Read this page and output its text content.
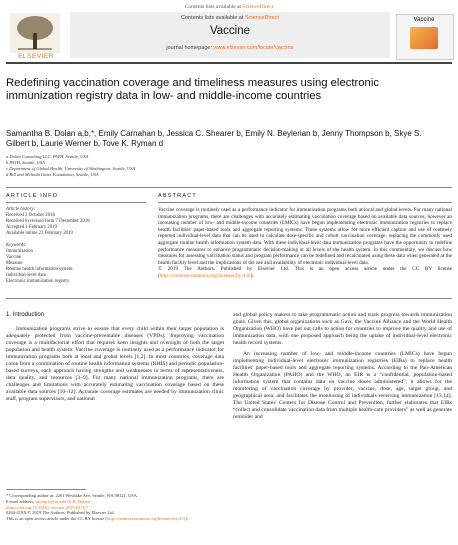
Contents lists available at ScienceDirect
ELSEVIER
Contents lists available at ScienceDirect
Vaccine
journal homepage: www.elsevier.com/locate/vaccine
Vaccine
Redefining vaccination coverage and timeliness measures using electronic immunization registry data in low- and middle-income countries
Samantha B. Dolan a,b,*, Emily Carnahan b, Jessica C. Shearer b, Emily N. Beylerian b, Jenny Thompson b, Skye S. Gilbert b, Laurie Werner b, Tove K. Ryman d
a Dolan Consulting LLC, PATH, Seattle, USA
b PATH, Seattle, USA
c Department of Global Health, University of Washington, Seattle, USA
d Bill and Melinda Gates Foundation, Seattle, USA
ARTICLE INFO	ABSTRACT
Article history:
Received 3 October 2018
Received in revised form 7 December 2018
Accepted 1 February 2019
Available online 23 February 2019
Keywords:
Immunization
Vaccine
Measure
Routine health information system
Individual-level data
Electronic immunization registry
Vaccine coverage is routinely used as a performance indicator for immunization programs both at local and global levels. For many national immunization programs, there are challenges with accurately estimating vaccination coverage based on available data sources, however an increasing number of low- and middle-income countries (LMICs) have begun implementing electronic immunization registries to replace health facilities' paper-based tools and aggregate reporting systems. These systems allow for more efficient capture and use of routinely reported individual-level data that can be used to calculate dose-specific and cohort vaccination coverage, replacing the commonly used aggregate routine health information system data. With these individual-level data immunization programs have the opportunity to redefine performance measures to enhance programmatic decision-making at all levels of the health system. In this commentary, we discuss how measures for assessing vaccination status and program performance can be redefined and recalculated using these data when generated at the health facility level and the implications of the use and availability of electronic individual-level data.
© 2019 The Authors. Published by Elsevier Ltd. This is an open access article under the CC BY license (http://creativecommons.org/licenses/by/4.0/).
1. Introduction

Immunization programs strive to ensure that every child within their target population is adequately protected from vaccine-preventable diseases (VPDs). Improving vaccination coverage is a multifactorial effort that requires keen insights and oversight of both the target population and health system. Vaccine coverage is routinely used as a performance indicator for immunization programs both at local and global levels [1,2]. In most countries, coverage data come from a combination of routine health information systems (RHIS) and periodic population-based surveys, each approach having strengths and weaknesses in terms of representativeness, data quality, and resources [3–9]. For many national immunization programs, there are challenges and limitations with accurately estimating vaccination coverage based on these available data sources [10–12]. Accurate coverage estimates are needed by immunization clinic staff, program supervisors, and national

and global policy makers to take programmatic action and track progress towards immunization goals. Given this, global organizations such as Gavi, the Vaccine Alliance and the World Health Organization (WHO) have put out calls to action for countries to improve the quality and use of immunization data, with one proposed approach being the uptake of individual-level electronic health record systems.

An increasing number of low- and middle-income countries (LMICs) have begun implementing individual-level electronic immunization registries (EIRs) to replace health facilities' paper-based tools and aggregate reporting systems. According to the Pan-American Health Organization (PAHO) and the WHO, an EIR is a “confidential, population-based information system that contains data on vaccine doses administered”, it allows for the monitoring of vaccination coverage by provider, vaccine, dose, age, target group, and geographical area, and facilitates the monitoring of individuals receiving immunization [13,14]. The United States' Centers for Disease Control and Prevention, further elaborates that EIRs “collect and consolidate vaccination data from multiple health-care providers” as well as generate reminder and

* Corresponding author at: 2201 Westlake Ave, Seattle, WA 98121, USA.
E-mail address: sdolan1@bw.edu (S.B. Dolan).
https://doi.org/10.1016/j.vaccine.2019.02.017
0264-410X/© 2019 The Authors. Published by Elsevier Ltd.
This is an open access article under the CC BY license (http://creativecommons.org/licenses/by/4.0/).
